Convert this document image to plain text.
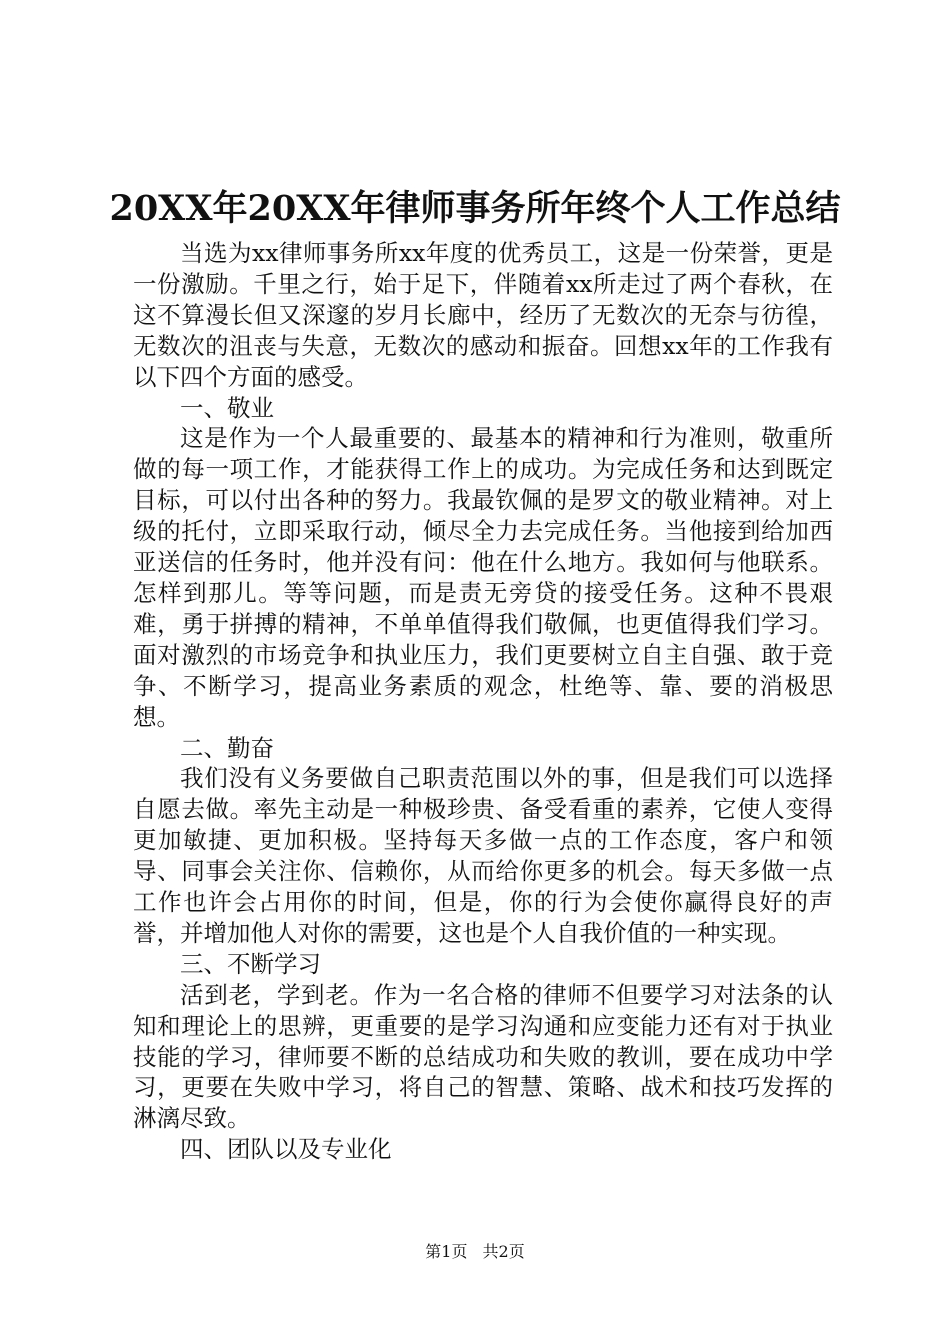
20XX年20XX年律师事务所年终个人工作总结

当选为xx律师事务所xx年度的优秀员工，这是一份荣誉，更是一份激励。千里之行，始于足下，伴随着xx所走过了两个春秋，在这不算漫长但又深邃的岁月长廊中，经历了无数次的无奈与彷徨，无数次的沮丧与失意，无数次的感动和振奋。回想xx年的工作我有以下四个方面的感受。

一、敬业

这是作为一个人最重要的、最基本的精神和行为准则，敬重所做的每一项工作，才能获得工作上的成功。为完成任务和达到既定目标，可以付出各种的努力。我最钦佩的是罗文的敬业精神。对上级的托付，立即采取行动，倾尽全力去完成任务。当他接到给加西亚送信的任务时，他并没有问：他在什么地方。我如何与他联系。怎样到那儿。等等问题，而是责无旁贷的接受任务。这种不畏艰难，勇于拼搏的精神，不单单值得我们敬佩，也更值得我们学习。面对激烈的市场竞争和执业压力，我们更要树立自主自强、敢于竞争、不断学习，提高业务素质的观念，杜绝等、靠、要的消极思想。

二、勤奋

我们没有义务要做自己职责范围以外的事，但是我们可以选择自愿去做。率先主动是一种极珍贵、备受看重的素养，它使人变得更加敏捷、更加积极。坚持每天多做一点的工作态度，客户和领导、同事会关注你、信赖你，从而给你更多的机会。每天多做一点工作也许会占用你的时间，但是，你的行为会使你赢得良好的声誉，并增加他人对你的需要，这也是个人自我价值的一种实现。

三、不断学习

活到老，学到老。作为一名合格的律师不但要学习对法条的认知和理论上的思辨，更重要的是学习沟通和应变能力还有对于执业技能的学习，律师要不断的总结成功和失败的教训，要在成功中学习，更要在失败中学习，将自己的智慧、策略、战术和技巧发挥的淋漓尽致。

四、团队以及专业化

第1页 共2页
